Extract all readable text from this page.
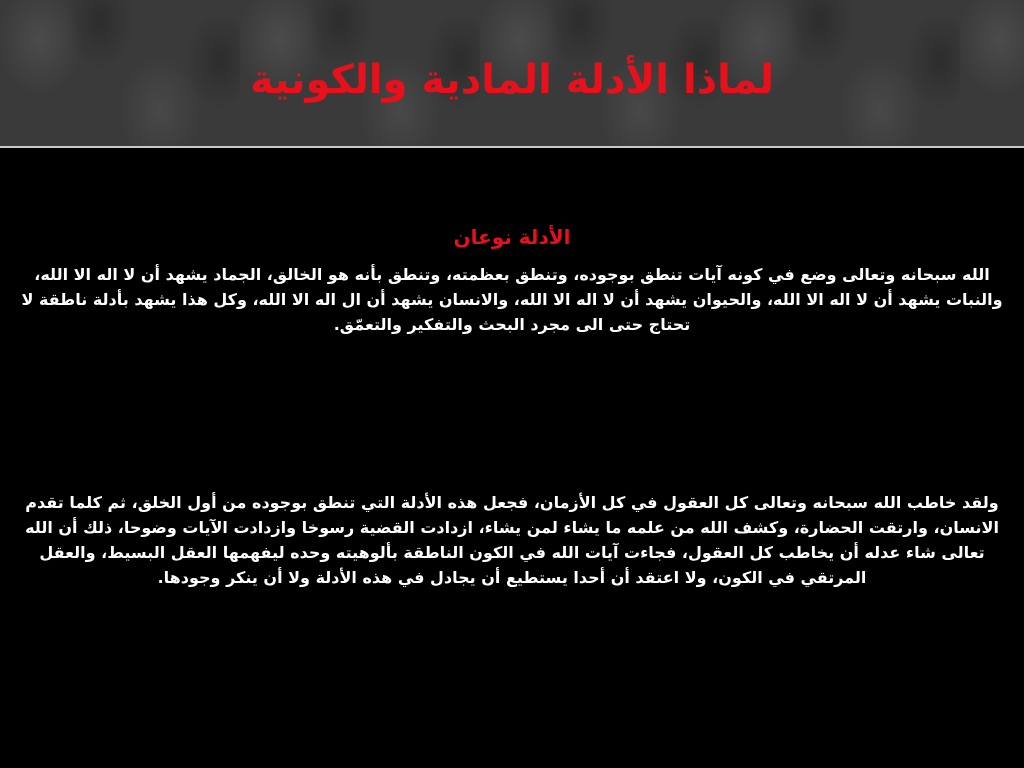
لماذا الأدلة المادية والكونية

الأدلة نوعان

الله سبحانه وتعالى وضع في كونه آيات تنطق بوجوده، وتنطق بعظمته، وتنطق بأنه هو الخالق، الجماد يشهد أن لا اله الا الله، والنبات يشهد أن لا اله الا الله، والحيوان يشهد أن لا اله الا الله، والانسان يشهد أن ال اله الا الله، وكل هذا يشهد بأدلة ناطقة لا تحتاج حتى الى مجرد البحث والتفكير والتعمّق.

ولقد خاطب الله سبحانه وتعالى كل العقول في كل الأزمان، فجعل هذه الأدلة التي تنطق بوجوده من أول الخلق، ثم كلما تقدم الانسان، وارتقت الحضارة، وكشف الله من علمه ما يشاء لمن يشاء، ازدادت القضية رسوخا وازدادت الآيات وضوحا، ذلك أن الله تعالى شاء عدله أن يخاطب كل العقول، فجاءت آيات الله في الكون الناطقة بألوهيته وحده ليفهمها العقل البسيط، والعقل المرتقي في الكون، ولا اعتقد أن أحدا يستطيع أن يجادل في هذه الأدلة ولا أن ينكر وجودها.
